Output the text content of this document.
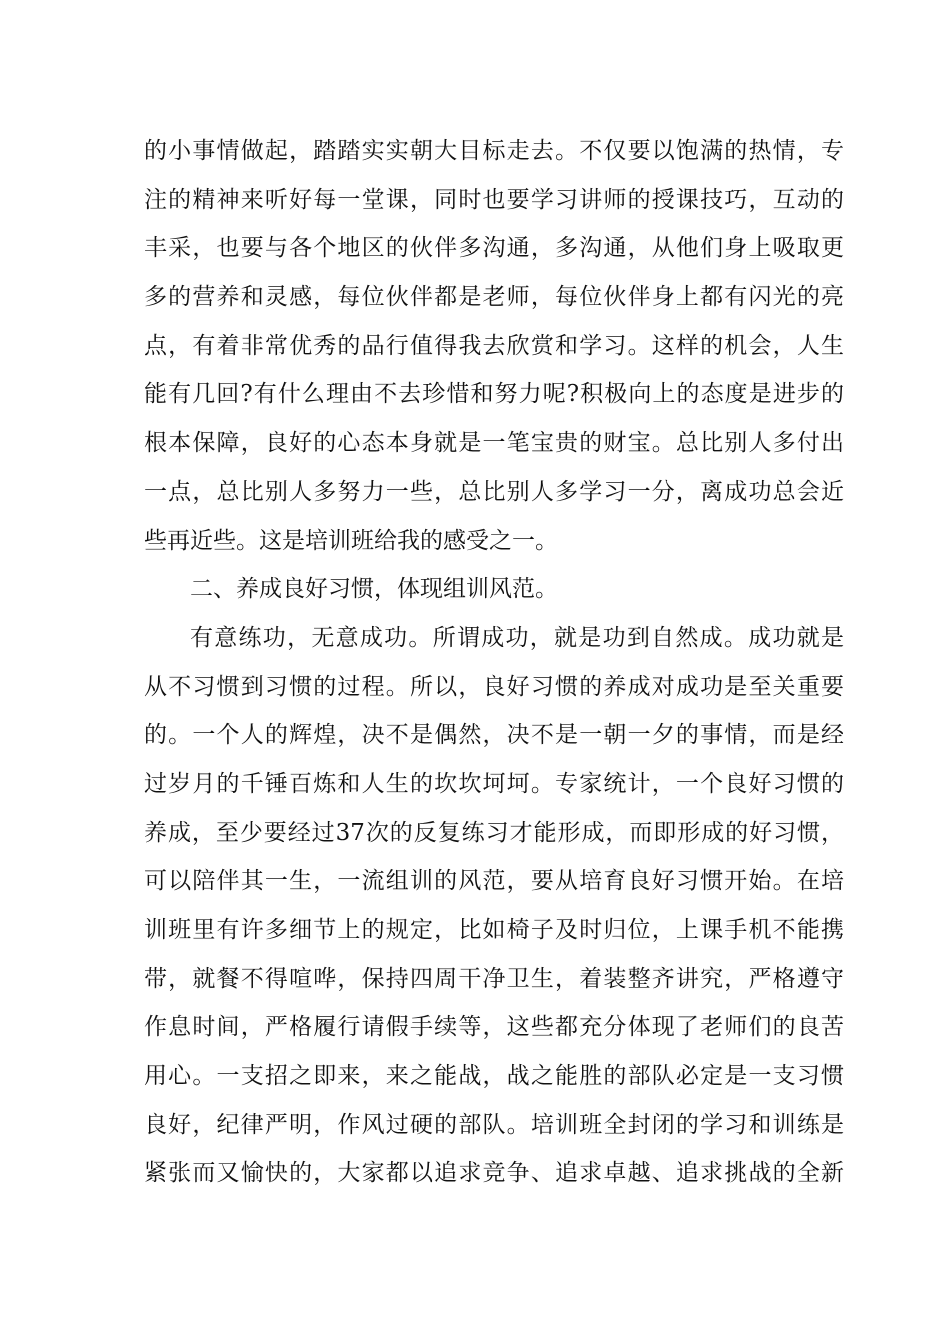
的小事情做起，踏踏实实朝大目标走去。不仅要以饱满的热情，专
注的精神来听好每一堂课，同时也要学习讲师的授课技巧，互动的
丰采，也要与各个地区的伙伴多沟通，多沟通，从他们身上吸取更
多的营养和灵感，每位伙伴都是老师，每位伙伴身上都有闪光的亮
点，有着非常优秀的品行值得我去欣赏和学习。这样的机会，人生
能有几回?有什么理由不去珍惜和努力呢?积极向上的态度是进步的
根本保障，良好的心态本身就是一笔宝贵的财宝。总比别人多付出
一点，总比别人多努力一些，总比别人多学习一分，离成功总会近
些再近些。这是培训班给我的感受之一。
二、养成良好习惯，体现组训风范。
有意练功，无意成功。所谓成功，就是功到自然成。成功就是
从不习惯到习惯的过程。所以，良好习惯的养成对成功是至关重要
的。一个人的辉煌，决不是偶然，决不是一朝一夕的事情，而是经
过岁月的千锤百炼和人生的坎坎坷坷。专家统计，一个良好习惯的
养成，至少要经过37次的反复练习才能形成，而即形成的好习惯，
可以陪伴其一生，一流组训的风范，要从培育良好习惯开始。在培
训班里有许多细节上的规定，比如椅子及时归位，上课手机不能携
带，就餐不得喧哗，保持四周干净卫生，着装整齐讲究，严格遵守
作息时间，严格履行请假手续等，这些都充分体现了老师们的良苦
用心。一支招之即来，来之能战，战之能胜的部队必定是一支习惯
良好，纪律严明，作风过硬的部队。培训班全封闭的学习和训练是
紧张而又愉快的，大家都以追求竞争、追求卓越、追求挑战的全新
